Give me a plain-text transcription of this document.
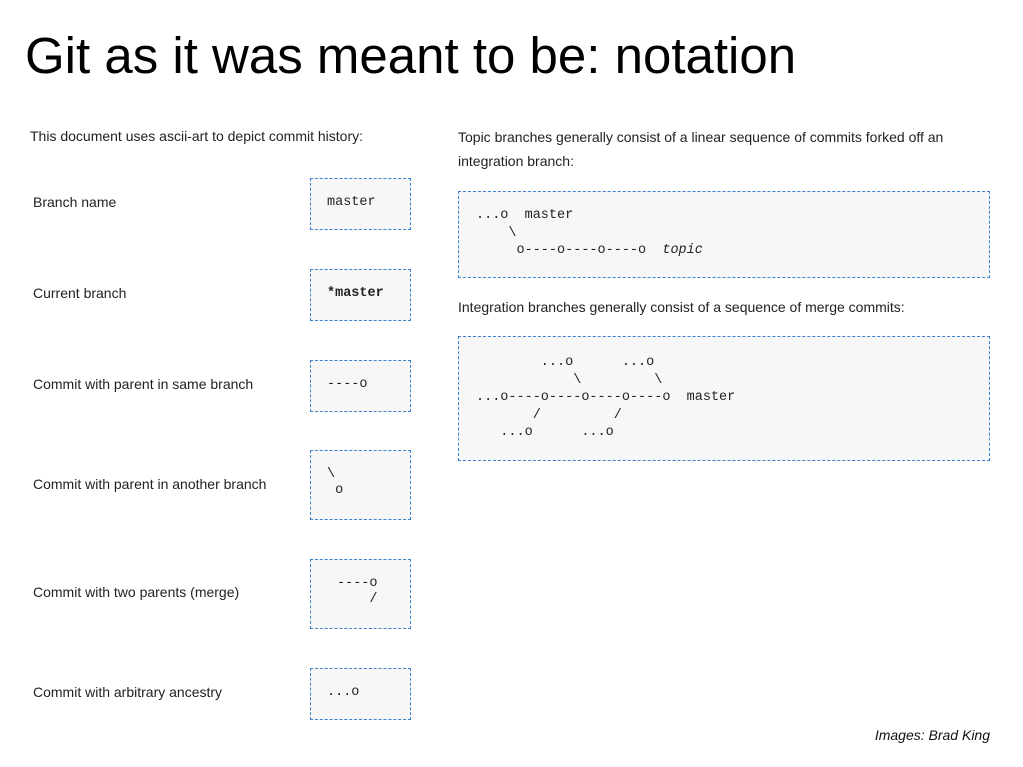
Git as it was meant to be: notation
This document uses ascii-art to depict commit history:
Branch name

	master

Current branch

	*master

Commit with parent in same branch

	----o

Commit with parent in another branch

\
o

Commit with two parents (merge)

----o
/

Commit with arbitrary ancestry

	...o

Topic branches generally consist of a linear sequence of commits forked off an integration branch:

...o  master
\
o----o----o----o  topic

Integration branches generally consist of a sequence of merge commits:

...o      ...o
\         \
...o----o----o----o----o  master
/         /
...o      ...o

Images: Brad King
